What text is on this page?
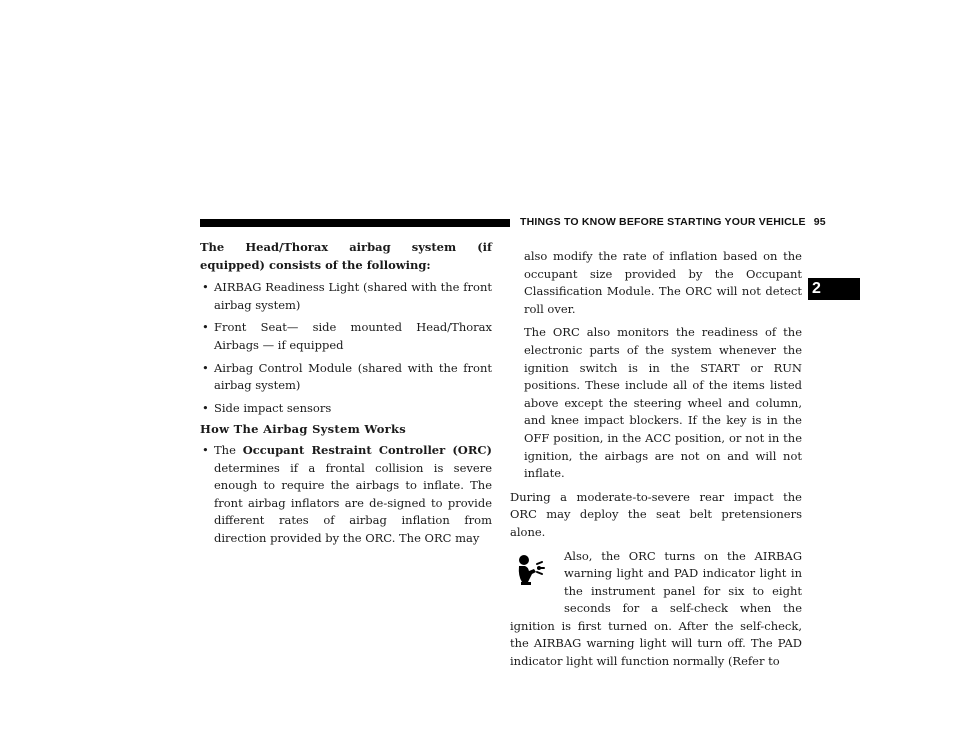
THINGS TO KNOW BEFORE STARTING YOUR VEHICLE 95
2

The Head/Thorax airbag system (if equipped) consists of the following:

• AIRBAG Readiness Light (shared with the front airbag system)
• Front Seat— side mounted Head/Thorax Airbags — if equipped
• Airbag Control Module (shared with the front airbag system)
• Side impact sensors

How The Airbag System Works

• The Occupant Restraint Controller (ORC) determines if a frontal collision is severe enough to require the airbags to inflate. The front airbag inflators are de-signed to provide different rates of airbag inflation from direction provided by the ORC. The ORC may

also modify the rate of inflation based on the occupant size provided by the Occupant Classification Module. The ORC will not detect roll over.

The ORC also monitors the readiness of the electronic parts of the system whenever the ignition switch is in the START or RUN positions. These include all of the items listed above except the steering wheel and column, and knee impact blockers. If the key is in the OFF position, in the ACC position, or not in the ignition, the airbags are not on and will not inflate.

During a moderate-to-severe rear impact the ORC may deploy the seat belt pretensioners alone.

Also, the ORC turns on the AIRBAG warning light and PAD indicator light in the instrument panel for six to eight seconds for a self-check when the ignition is first turned on. After the self-check, the AIRBAG warning light will turn off. The PAD indicator light will function normally (Refer to
